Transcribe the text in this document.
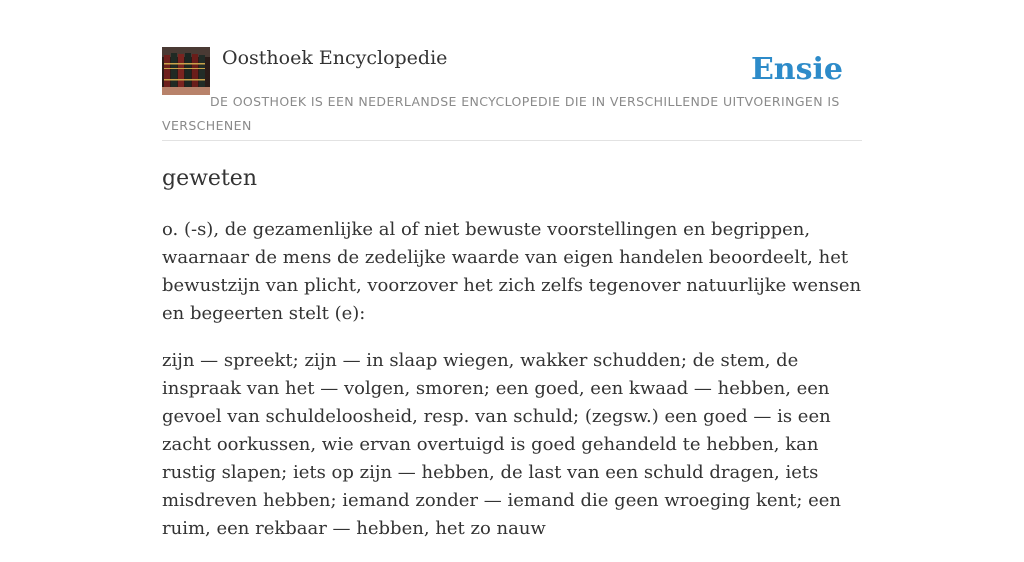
Oosthoek Encyclopedie	Ensie
DE OOSTHOEK IS EEN NEDERLANDSE ENCYCLOPEDIE DIE IN VERSCHILLENDE UITVOERINGEN IS VERSCHENEN
geweten

o. (-s), de gezamenlijke al of niet bewuste voorstellingen en begrippen, waarnaar de mens de zedelijke waarde van eigen handelen beoordeelt, het bewustzijn van plicht, voorzover het zich zelfs tegenover natuurlijke wensen en begeerten stelt (e):

zijn — spreekt; zijn — in slaap wiegen, wakker schudden; de stem, de inspraak van het — volgen, smoren; een goed, een kwaad — hebben, een gevoel van schuldeloosheid, resp. van schuld; (zegsw.) een goed — is een zacht oorkussen, wie ervan overtuigd is goed gehandeld te hebben, kan rustig slapen; iets op zijn — hebben, de last van een schuld dragen, iets misdreven hebben; iemand zonder — iemand die geen wroeging kent; een ruim, een rekbaar — hebben, het zo nauw
